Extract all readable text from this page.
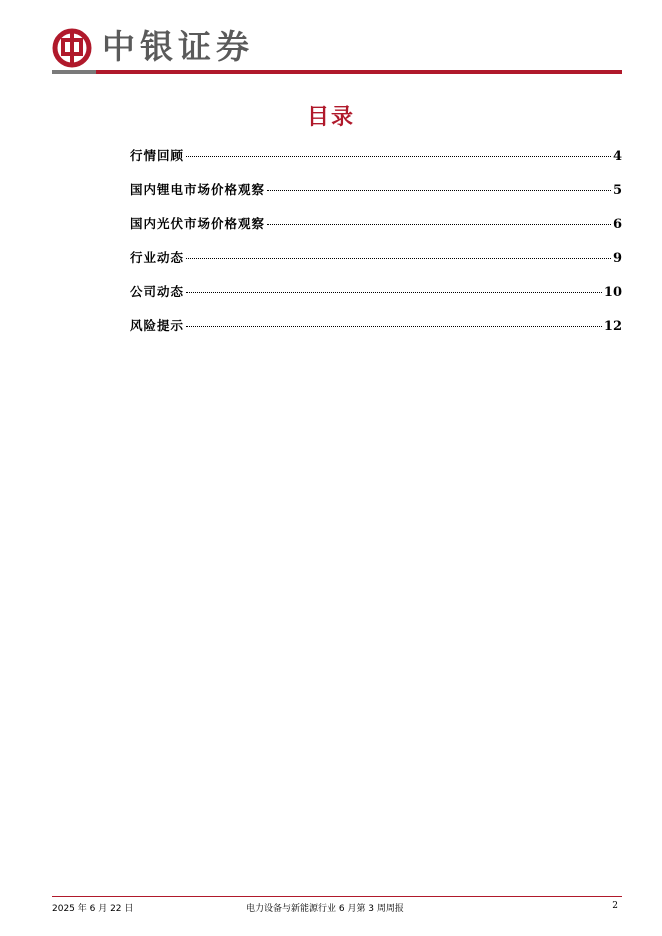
中银证券
目录
行情回顾	4
国内锂电市场价格观察	5
国内光伏市场价格观察	6
行业动态	9
公司动态	10
风险提示	12
2025 年 6 月 22 日	电力设备与新能源行业 6 月第 3 周周报	2
